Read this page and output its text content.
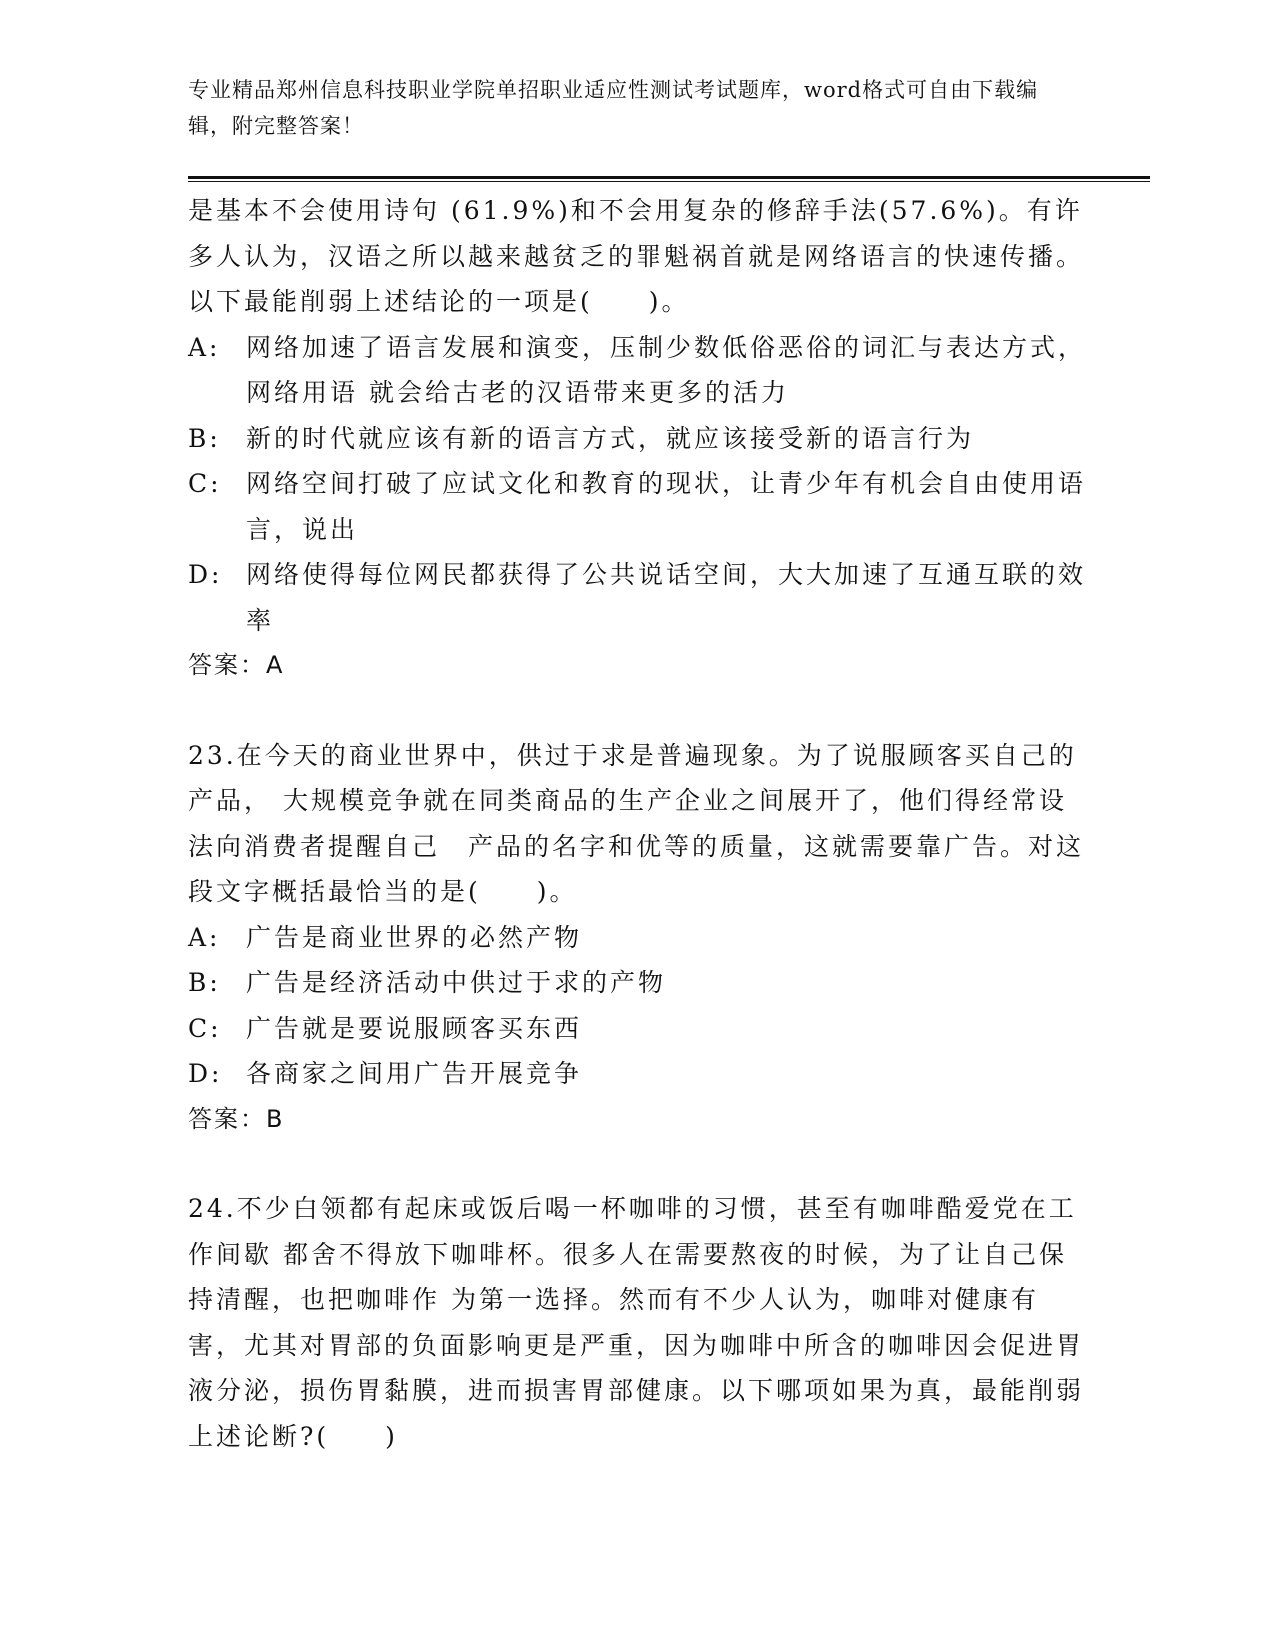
专业精品郑州信息科技职业学院单招职业适应性测试考试题库，word格式可自由下载编辑，附完整答案！

是基本不会使用诗句 (61.9%)和不会用复杂的修辞手法(57.6%)。有许多人认为，汉语之所以越来越贫乏的罪魁祸首就是网络语言的快速传播。以下最能削弱上述结论的一项是(　　)。

A:	网络加速了语言发展和演变，压制少数低俗恶俗的词汇与表达方式，网络用语 就会给古老的汉语带来更多的活力
B:	新的时代就应该有新的语言方式，就应该接受新的语言行为
C: 网络空间打破了应试文化和教育的现状，让青少年有机会自由使用语言，说出
D: 网络使得每位网民都获得了公共说话空间，大大加速了互通互联的效率

答案：A

23.在今天的商业世界中，供过于求是普遍现象。为了说服顾客买自己的产品， 大规模竞争就在同类商品的生产企业之间展开了，他们得经常设法向消费者提醒自己　产品的名字和优等的质量，这就需要靠广告。对这段文字概括最恰当的是(　　)。

A:	广告是商业世界的必然产物
B:	广告是经济活动中供过于求的产物
C: 广告就是要说服顾客买东西
D: 各商家之间用广告开展竞争

答案：B

24.不少白领都有起床或饭后喝一杯咖啡的习惯，甚至有咖啡酷爱党在工作间歇 都舍不得放下咖啡杯。很多人在需要熬夜的时候，为了让自己保持清醒，也把咖啡作 为第一选择。然而有不少人认为，咖啡对健康有害，尤其对胃部的负面影响更是严重，因为咖啡中所含的咖啡因会促进胃液分泌，损伤胃黏膜，进而损害胃部健康。以下哪项如果为真，最能削弱上述论断?(　　)
